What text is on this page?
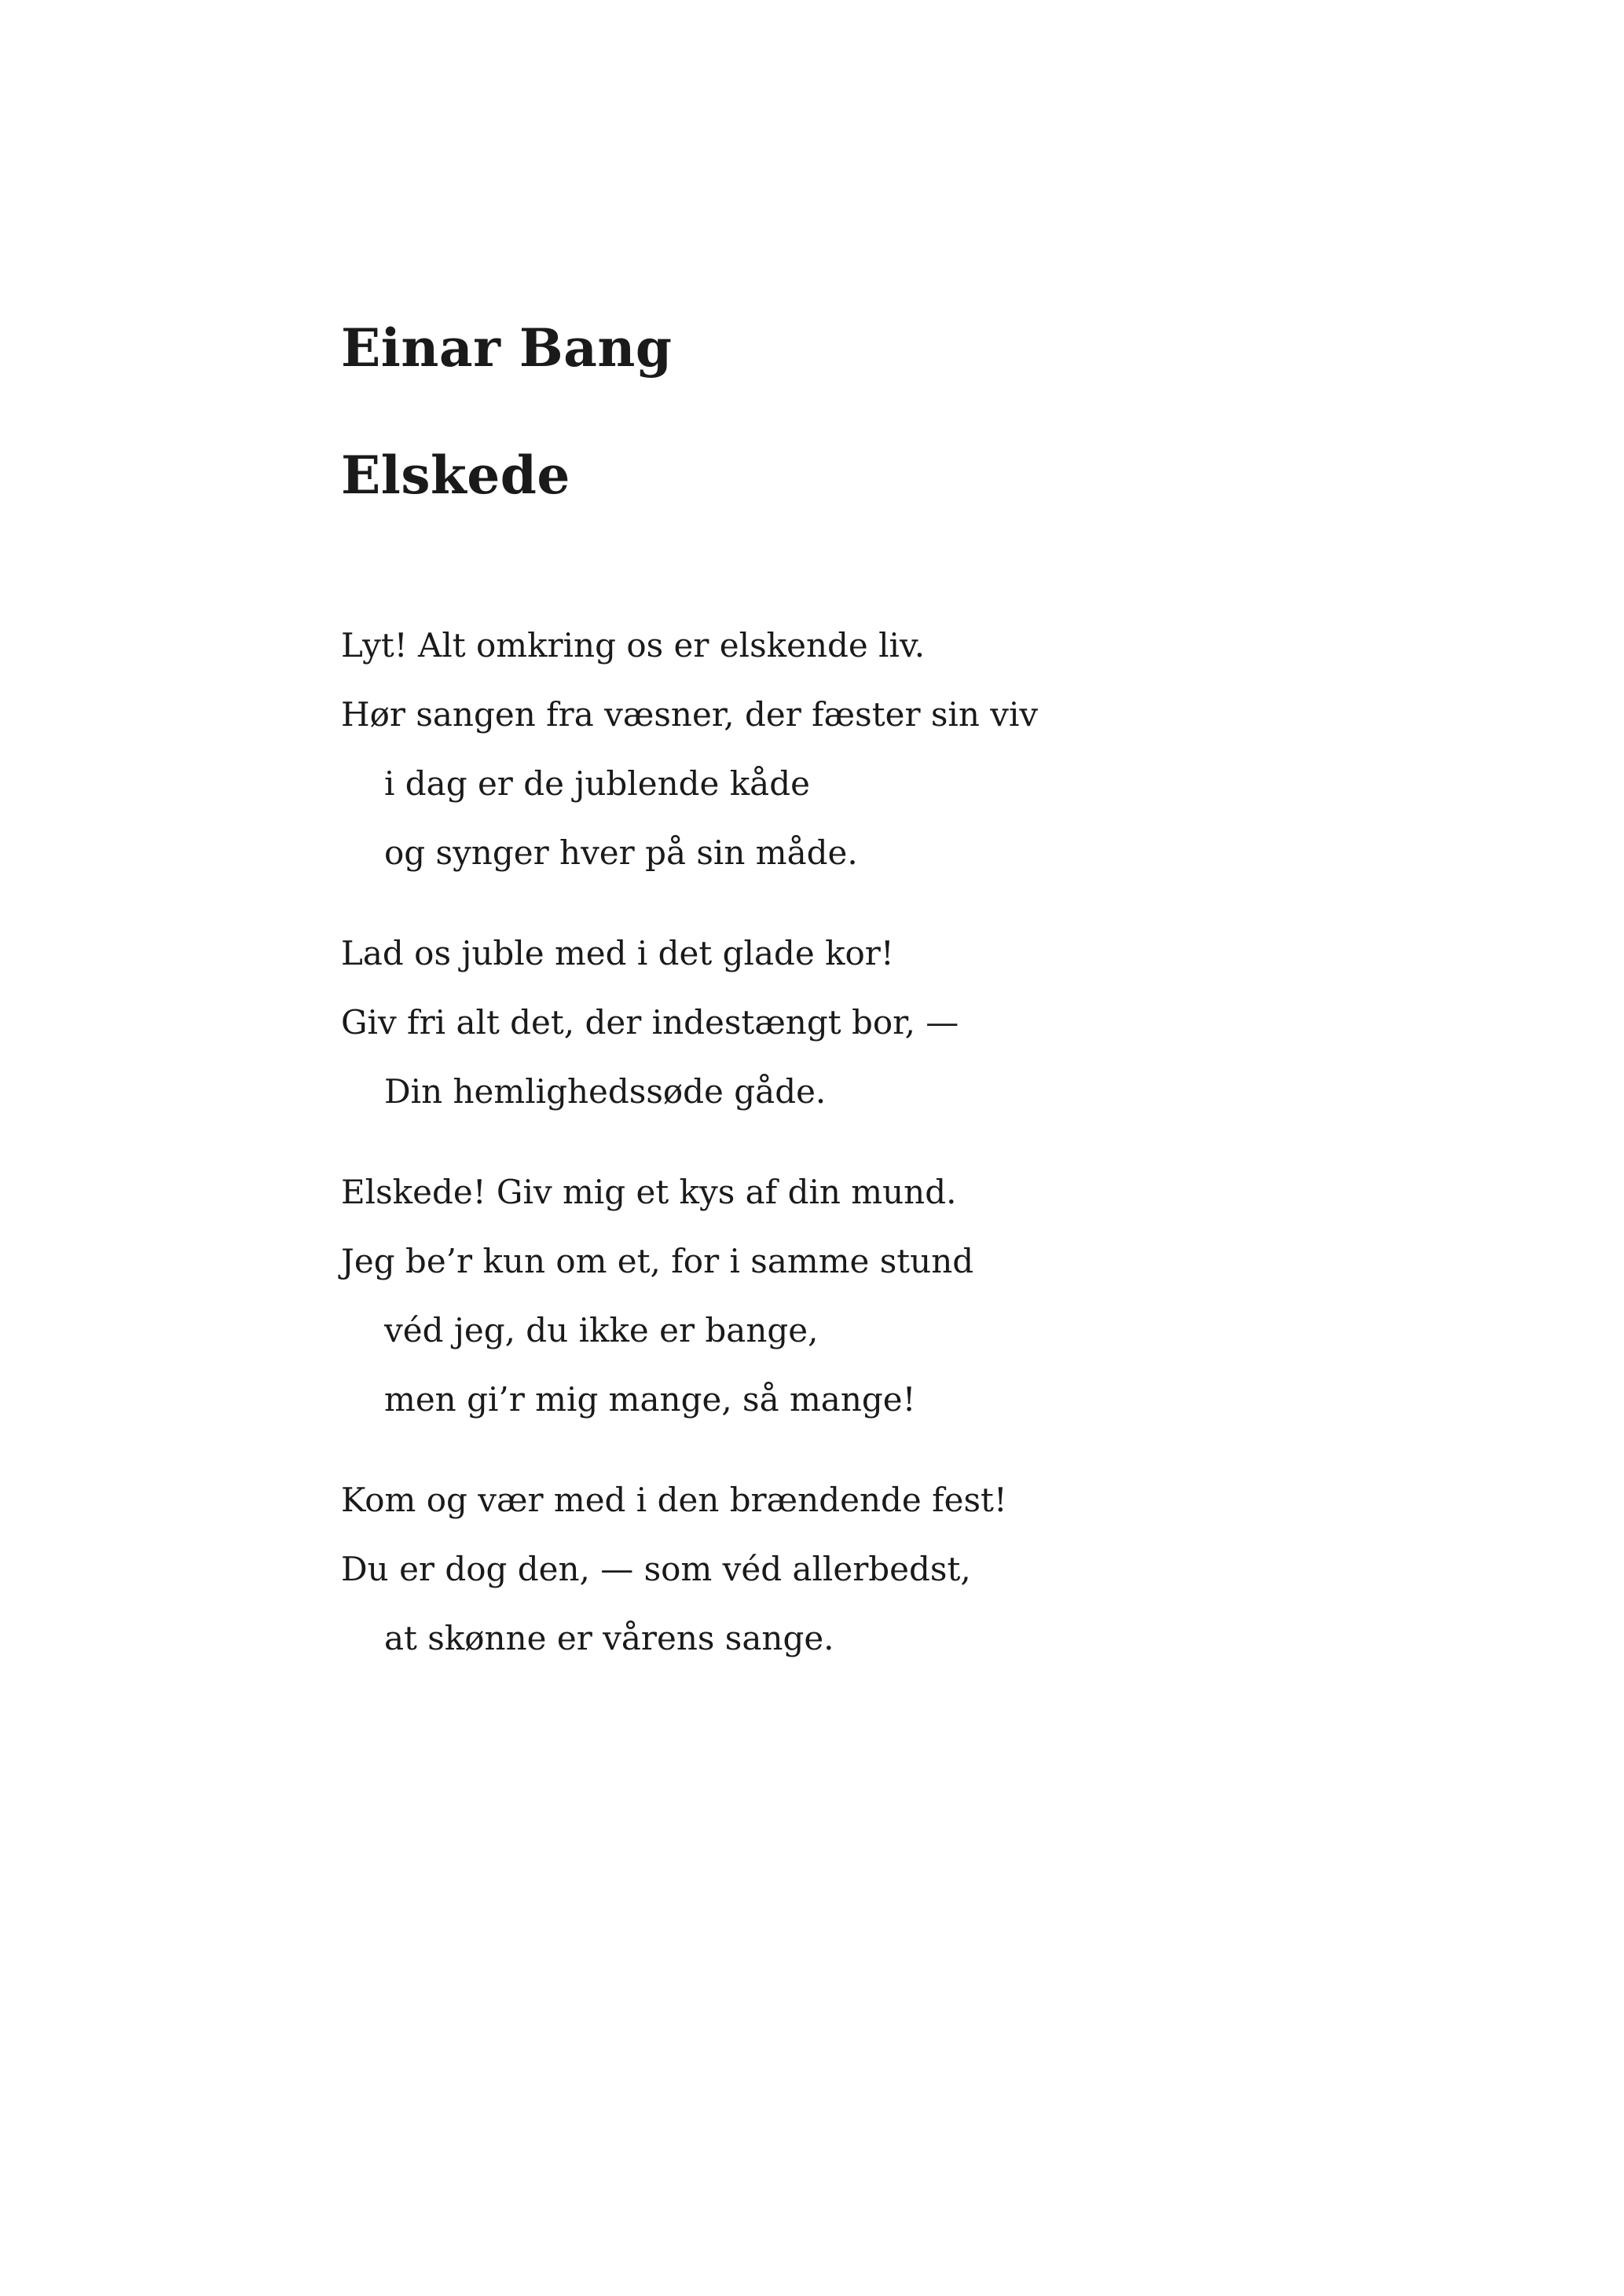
Einar Bang
Elskede
Lyt! Alt omkring os er elskende liv.
Hør sangen fra væsner, der fæster sin viv
i dag er de jublende kåde
og synger hver på sin måde.
Lad os juble med i det glade kor!
Giv fri alt det, der indestængt bor, —
Din hemlighedssøde gåde.
Elskede! Giv mig et kys af din mund.
Jeg be’r kun om et, for i samme stund
véd jeg, du ikke er bange,
men gi’r mig mange, så mange!
Kom og vær med i den brændende fest!
Du er dog den, — som véd allerbedst,
at skønne er vårens sange.
